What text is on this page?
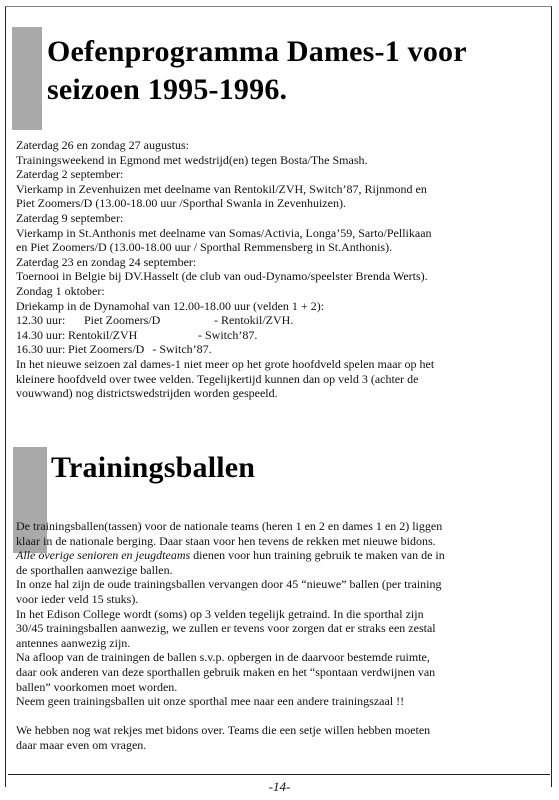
Oefenprogramma Dames-1 voor
seizoen 1995-1996.
Zaterdag 26 en zondag 27 augustus:
Trainingsweekend in Egmond met wedstrijd(en) tegen Bosta/The Smash.
Zaterdag 2 september:
Vierkamp in Zevenhuizen met deelname van Rentokil/ZVH, Switch’87, Rijnmond en
Piet Zoomers/D (13.00-18.00 uur /Sporthal Swanla in Zevenhuizen).
Zaterdag 9 september:
Vierkamp in St.Anthonis met deelname van Somas/Activia, Longa’59, Sarto/Pellikaan
en Piet Zoomers/D (13.00-18.00 uur / Sporthal Remmensberg in St.Anthonis).
Zaterdag 23 en zondag 24 september:
Toernooi in Belgie bij DV.Hasselt (de club van oud-Dynamo/speelster Brenda Werts).
Zondag 1 oktober:
Driekamp in de Dynamohal van 12.00-18.00 uur (velden 1 + 2):
12.30 uur:	Piet Zoomers/D	- Rentokil/ZVH.
14.30 uur: Rentokil/ZVH	- Switch’87.
16.30 uur: Piet Zoomers/D - Switch’87.
In het nieuwe seizoen zal dames-1 niet meer op het grote hoofdveld spelen maar op het
kleinere hoofdveld over twee velden. Tegelijkertijd kunnen dan op veld 3 (achter de
vouwwand) nog districtswedstrijden worden gespeeld.
Trainingsballen
De trainingsballen(tassen) voor de nationale teams (heren 1 en 2 en dames 1 en 2) liggen
klaar in de nationale berging. Daar staan voor hen tevens de rekken met nieuwe bidons.
Alle overige senioren en jeugdteams dienen voor hun training gebruik te maken van de in
de sporthallen aanwezige ballen.
In onze hal zijn de oude trainingsballen vervangen door 45 “nieuwe” ballen (per training
voor ieder veld 15 stuks).
In het Edison College wordt (soms) op 3 velden tegelijk getraind. In die sporthal zijn
30/45 trainingsballen aanwezig, we zullen er tevens voor zorgen dat er straks een zestal
antennes aanwezig zijn.
Na afloop van de trainingen de ballen s.v.p. opbergen in de daarvoor bestemde ruimte,
daar ook anderen van deze sporthallen gebruik maken en het “spontaan verdwijnen van
ballen” voorkomen moet worden.
Neem geen trainingsballen uit onze sporthal mee naar een andere trainingszaal !!
We hebben nog wat rekjes met bidons over. Teams die een setje willen hebben moeten
daar maar even om vragen.
-14-
